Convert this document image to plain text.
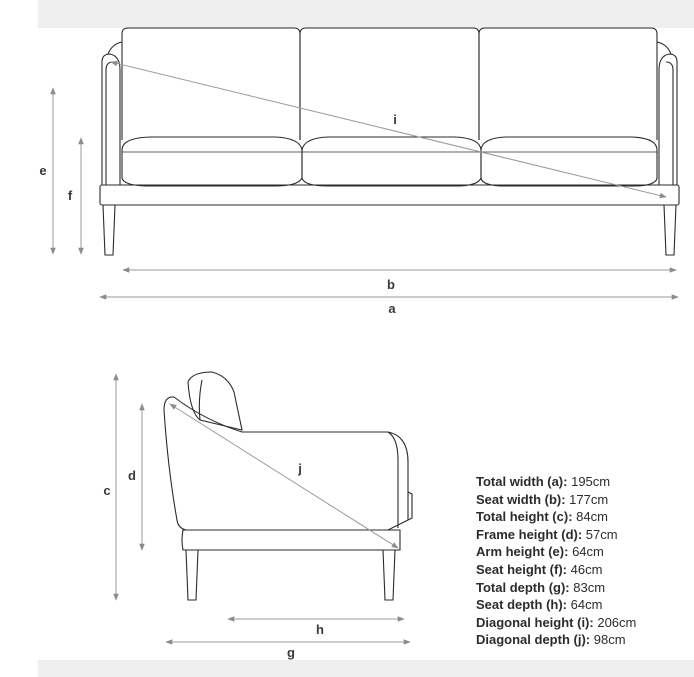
e
f
i
b
a
c
d	j
h
g
Total width (a): 195cm
Seat width (b): 177cm
Total height (c): 84cm
Frame height (d): 57cm
Arm height (e): 64cm
Seat height (f): 46cm
Total depth (g): 83cm
Seat depth (h): 64cm
Diagonal height (i): 206cm
Diagonal depth (j): 98cm
